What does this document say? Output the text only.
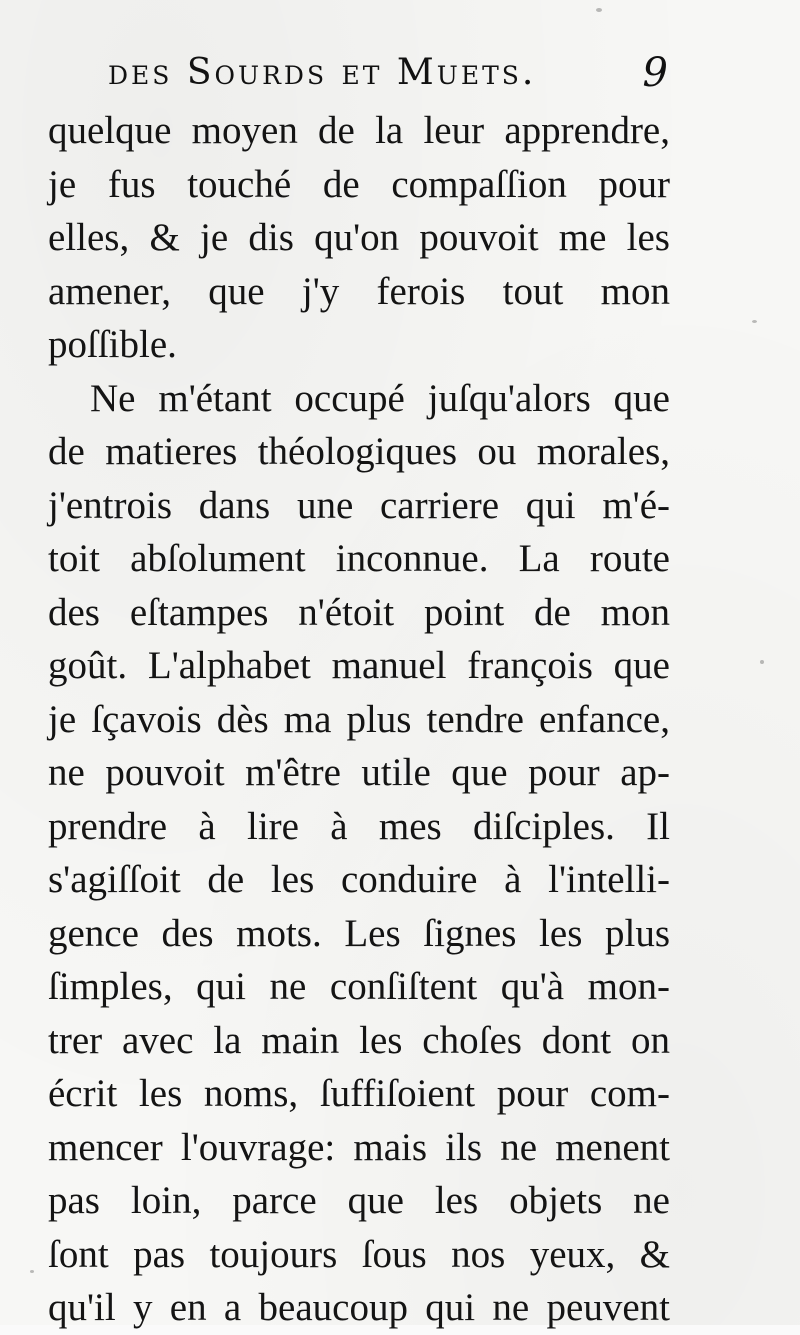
des Sourds et Muets.	9
quelque moyen de la leur apprendre,
je fus touché de compaſſion pour
elles, & je dis qu'on pouvoit me les
amener, que j'y ferois tout mon
poſſible.
Ne m'étant occupé juſqu'alors que
de matieres théologiques ou morales,
j'entrois dans une carriere qui m'é-
toit abſolument inconnue. La route
des eſtampes n'étoit point de mon
goût. L'alphabet manuel françois que
je ſçavois dès ma plus tendre enfance,
ne pouvoit m'être utile que pour ap-
prendre à lire à mes diſciples. Il
s'agiſſoit de les conduire à l'intelli-
gence des mots. Les ſignes les plus
ſimples, qui ne conſiſtent qu'à mon-
trer avec la main les choſes dont on
écrit les noms, ſuffiſoient pour com-
mencer l'ouvrage: mais ils ne menent
pas loin, parce que les objets ne
ſont pas toujours ſous nos yeux, &
qu'il y en a beaucoup qui ne peuvent
